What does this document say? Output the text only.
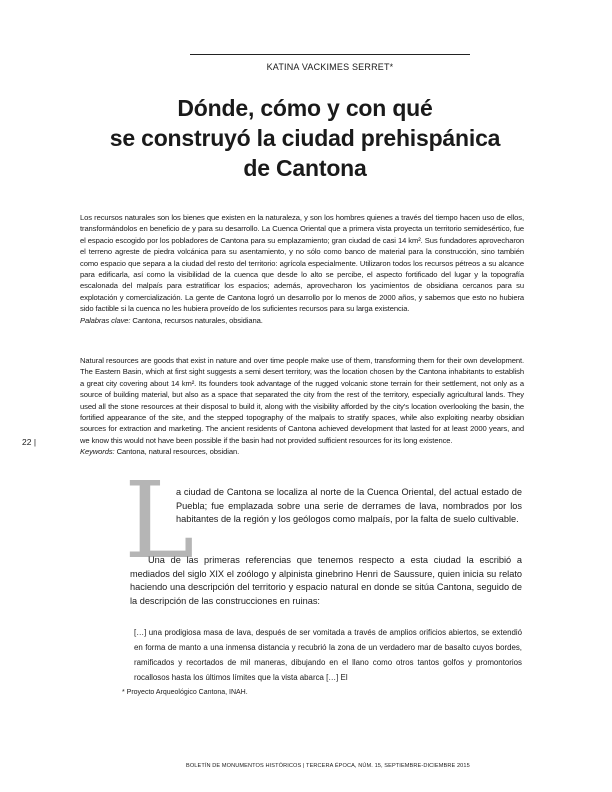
KATINA VACKIMES SERRET*
Dónde, cómo y con qué
se construyó la ciudad prehispánica
de Cantona
Los recursos naturales son los bienes que existen en la naturaleza, y son los hombres quienes a través del tiempo hacen uso de ellos, transformándolos en beneficio de y para su desarrollo. La Cuenca Oriental que a primera vista proyecta un territorio semidesértico, fue el espacio escogido por los pobladores de Cantona para su emplazamiento; gran ciudad de casi 14 km². Sus fundadores aprovecharon el terreno agreste de piedra volcánica para su asentamiento, y no sólo como banco de material para la construcción, sino también como espacio que separa a la ciudad del resto del territorio: agrícola especialmente. Utilizaron todos los recursos pétreos a su alcance para edificarla, así como la visibilidad de la cuenca que desde lo alto se percibe, el aspecto fortificado del lugar y la topografía escalonada del malpaís para estratificar los espacios; además, aprovecharon los yacimientos de obsidiana cercanos para su explotación y comercialización. La gente de Cantona logró un desarrollo por lo menos de 2000 años, y sabemos que esto no hubiera sido factible si la cuenca no les hubiera proveído de los suficientes recursos para su larga existencia.
Palabras clave: Cantona, recursos naturales, obsidiana.
Natural resources are goods that exist in nature and over time people make use of them, transforming them for their own development. The Eastern Basin, which at first sight suggests a semi desert territory, was the location chosen by the Cantona inhabitants to establish a great city covering about 14 km². Its founders took advantage of the rugged volcanic stone terrain for their settlement, not only as a source of building material, but also as a space that separated the city from the rest of the territory, especially agricultural lands. They used all the stone resources at their disposal to build it, along with the visibility afforded by the city's location overlooking the basin, the fortified appearance of the site, and the stepped topography of the malpaís to stratify spaces, while also exploiting nearby obsidian sources for extraction and marketing. The ancient residents of Cantona achieved development that lasted for at least 2000 years, and we know this would not have been possible if the basin had not provided sufficient resources for its long existence.
Keywords: Cantona, natural resources, obsidian.
22 |
L
a ciudad de Cantona se localiza al norte de la Cuenca Oriental, del actual estado de Puebla; fue emplazada sobre una serie de derrames de lava, nombrados por los habitantes de la región y los geólogos como malpaís, por la falta de suelo cultivable.
Una de las primeras referencias que tenemos respecto a esta ciudad la escribió a mediados del siglo XIX el zoólogo y alpinista ginebrino Henri de Saussure, quien inicia su relato haciendo una descripción del territorio y espacio natural en donde se sitúa Cantona, seguido de la descripción de las construcciones en ruinas:
[…] una prodigiosa masa de lava, después de ser vomitada a través de amplios orificios abiertos, se extendió en forma de manto a una inmensa distancia y recubrió la zona de un verdadero mar de basalto cuyos bordes, ramificados y recortados de mil maneras, dibujando en el llano como otros tantos golfos y promontorios rocallosos hasta los últimos límites que la vista abarca […] El
* Proyecto Arqueológico Cantona, INAH.
BOLETÍN DE MONUMENTOS HISTÓRICOS | TERCERA ÉPOCA, NÚM. 15, SEPTIEMBRE-DICIEMBRE 2015
